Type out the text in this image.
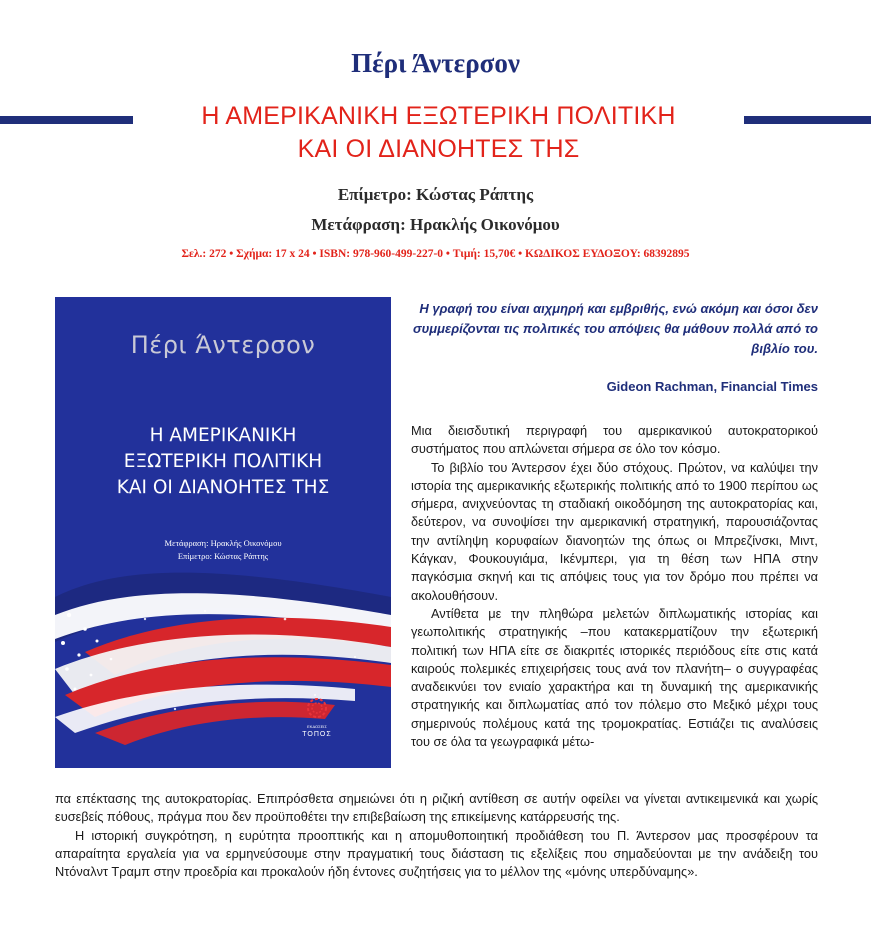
Πέρι Άντερσον
Η ΑΜΕΡΙΚΑΝΙΚΗ ΕΞΩΤΕΡΙΚΗ ΠΟΛΙΤΙΚΗ
ΚΑΙ ΟΙ ΔΙΑΝΟΗΤΕΣ ΤΗΣ
Επίμετρο: Κώστας Ράπτης
Μετάφραση: Ηρακλής Οικονόμου
Σελ.: 272 • Σχήμα: 17 x 24 • ISBN: 978-960-499-227-0 • Τιμή: 15,70€ • ΚΩΔΙΚΟΣ ΕΥΔΟΞΟΥ: 68392895
Πέρι Άντερσον
Η ΑΜΕΡΙΚΑΝΙΚΗ
ΕΞΩΤΕΡΙΚΗ ΠΟΛΙΤΙΚΗ
ΚΑΙ ΟΙ ΔΙΑΝΟΗΤΕΣ ΤΗΣ
Μετάφραση: Ηρακλής Οικονόμου
Επίμετρο: Κώστας Ράπτης
ΕΚΔΟΣΕΙΣ
ΤΟΠΟΣ
Η γραφή του είναι αιχμηρή και εμβριθής, ενώ ακόμη και όσοι δεν συμμερίζονται τις πολιτικές του απόψεις θα μάθουν πολλά από το βιβλίο του.
Gideon Rachman, Financial Times

Μια διεισδυτική περιγραφή του αμερικανικού αυτοκρατορικού συστήματος που απλώνεται σήμερα σε όλο τον κόσμο.

Το βιβλίο του Άντερσον έχει δύο στόχους. Πρώτον, να καλύψει την ιστορία της αμερικανικής εξωτερικής πολιτικής από το 1900 περίπου ως σήμερα, ανιχνεύοντας τη σταδιακή οικοδόμηση της αυτοκρατορίας και, δεύτερον, να συνοψίσει την αμερικανική στρατηγική, παρουσιάζοντας την αντίληψη κορυφαίων διανοητών της όπως οι Μπρεζίνσκι, Μιντ, Κάγκαν, Φουκουγιάμα, Ικένμπερι, για τη θέση των ΗΠΑ στην παγκόσμια σκηνή και τις απόψεις τους για τον δρόμο που πρέπει να ακολουθήσουν.

Αντίθετα με την πληθώρα μελετών διπλωματικής ιστορίας και γεωπολιτικής στρατηγικής –που κατακερματίζουν την εξωτερική πολιτική των ΗΠΑ είτε σε διακριτές ιστορικές περιόδους είτε στις κατά καιρούς πολεμικές επιχειρήσεις τους ανά τον πλανήτη– ο συγγραφέας αναδεικνύει τον ενιαίο χαρακτήρα και τη δυναμική της αμερικανικής στρατηγικής και διπλωματίας από τον πόλεμο στο Μεξικό μέχρι τους σημερινούς πολέμους κατά της τρομοκρατίας. Εστιάζει τις αναλύσεις του σε όλα τα γεωγραφικά μέτω-

πα επέκτασης της αυτοκρατορίας. Επιπρόσθετα σημειώνει ότι η ριζική αντίθεση σε αυτήν οφείλει να γίνεται αντικειμενικά και χωρίς ευσεβείς πόθους, πράγμα που δεν προϋποθέτει την επιβεβαίωση της επικείμενης κατάρρευσής της.

Η ιστορική συγκρότηση, η ευρύτητα προοπτικής και η απομυθοποιητική προδιάθεση του Π. Άντερσον μας προσφέρουν τα απαραίτητα εργαλεία για να ερμηνεύσουμε στην πραγματική τους διάσταση τις εξελίξεις που σημαδεύονται με την ανάδειξη του Ντόναλντ Τραμπ στην προεδρία και προκαλούν ήδη έντονες συζητήσεις για το μέλλον της «μόνης υπερδύναμης».
